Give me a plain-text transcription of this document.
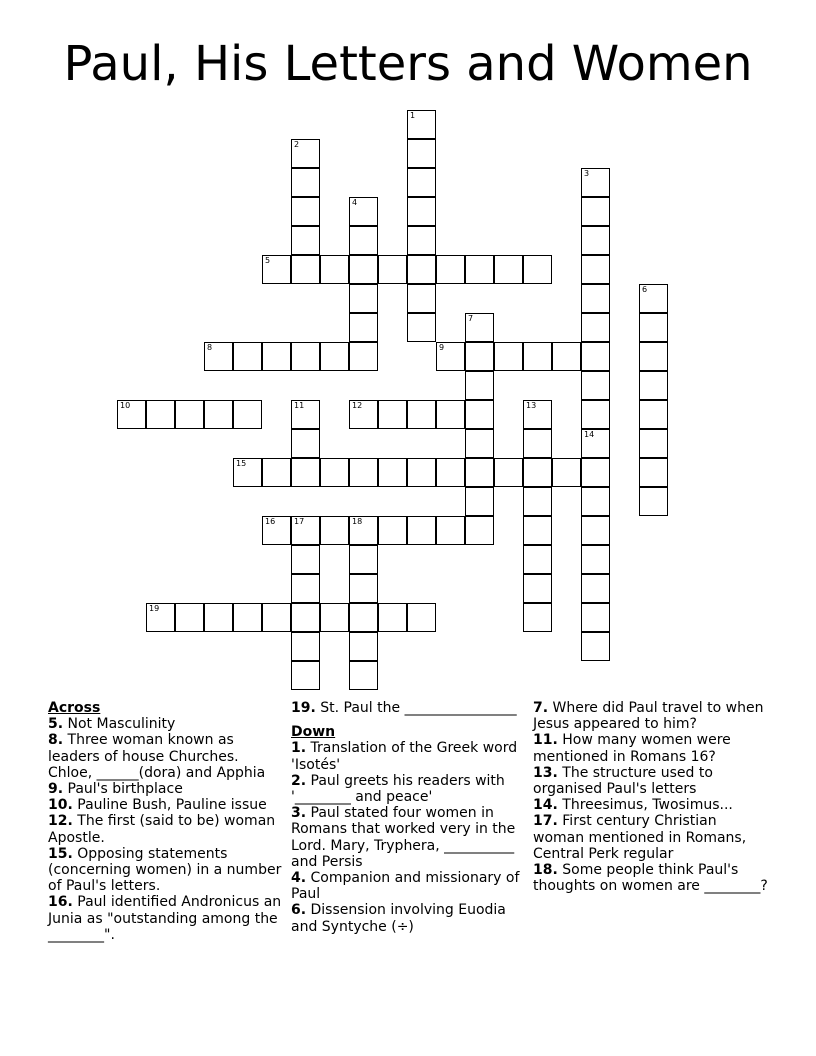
Paul, His Letters and Women
1
2
3
4
5
6
7
8	9
10	11	12	13
14
15
16 17	18
19

Across

5. Not Masculinity

8. Three woman known as leaders of house Churches. Chloe, ______(dora) and Apphia

9. Paul's birthplace

10. Pauline Bush, Pauline issue

12. The first (said to be) woman Apostle.

15. Opposing statements (concerning women) in a number of Paul's letters.

16. Paul identified Andronicus an Junia as "outstanding among the ________".

19. St. Paul the ________________

Down

1. Translation of the Greek word 'Isotés'

2. Paul greets his readers with '________ and peace'

3. Paul stated four women in Romans that worked very in the Lord. Mary, Tryphera, __________ and Persis

4. Companion and missionary of Paul

6. Dissension involving Euodia and Syntyche (÷)

7. Where did Paul travel to when Jesus appeared to him?

11. How many women were mentioned in Romans 16?

13. The structure used to organised Paul's letters

14. Threesimus, Twosimus...

17. First century Christian woman mentioned in Romans, Central Perk regular

18. Some people think Paul's thoughts on women are ________?
